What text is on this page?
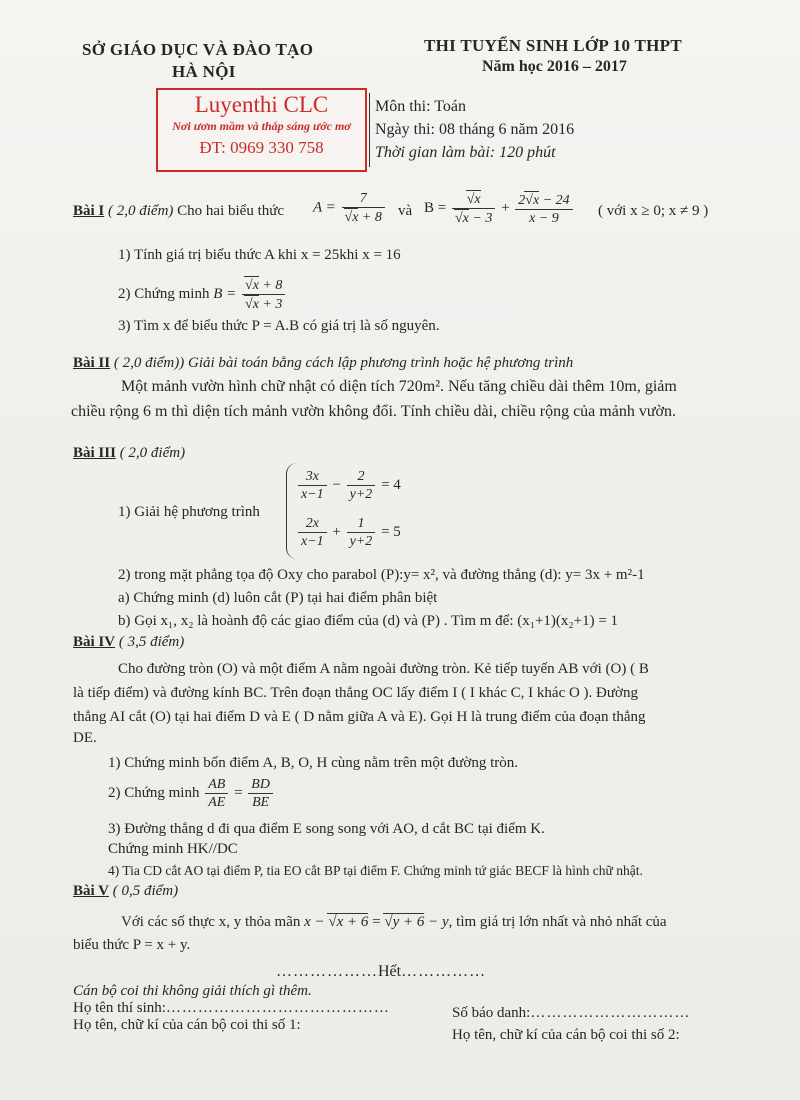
SỞ GIÁO DỤC VÀ ĐÀO TẠO
HÀ NỘI
THI TUYỂN SINH LỚP 10 THPT
Năm học 2016 – 2017
Luyenthi CLC
Nơi ươm mầm và thắp sáng ước mơ
ĐT: 0969 330 758
Môn thi: Toán
Ngày thi: 08 tháng 6 năm 2016
Thời gian làm bài: 120 phút
Bài I ( 2,0 điểm) Cho hai biểu thức A = 7
√ x + 8 và B = √ x
√ $x - 3 + \frac{2 √ x - 24}{x - 9}$ ( với x ≥ 0; x ≠ 9 )
1) Tính giá trị biểu thức A khi x = 25khi x = 16
2) Chứng minh B = √ x + 8
√ x + 3
3) Tìm x để biểu thức P = A.B có giá trị là số nguyên.
Bài II ( 2,0 điểm)) Giải bài toán bằng cách lập phương trình hoặc hệ phương trình
Một mảnh vườn hình chữ nhật có diện tích 720m². Nếu tăng chiều dài thêm 10m, giảm
chiều rộng 6 m thì diện tích mảnh vườn không đổi. Tính chiều dài, chiều rộng của mảnh vườn.
Bài III ( 2,0 điểm)
1) Giải hệ phương trình
$\frac{3x}{x-1} - \frac{2}{y+2} = 4$
$\frac{2x}{x-1} + \frac{1}{y+2} = 5$
2) trong mặt phẳng tọa độ Oxy cho parabol (P):y= x², và đường thẳng (d): y= 3x + m²-1
a) Chứng minh (d) luôn cắt (P) tại hai điểm phân biệt
b) Gọi x₁, x₂ là hoành độ các giao điểm của (d) và (P) . Tìm m để: (x₁+1)(x₂+1) = 1
Bài IV ( 3,5 điểm)
Cho đường tròn (O) và một điểm A nằm ngoài đường tròn. Kẻ tiếp tuyến AB với (O) ( B
là tiếp điểm) và đường kính BC. Trên đoạn thẳng OC lấy điểm I ( I khác C, I khác O ). Đường
thẳng AI cắt (O) tại hai điểm D và E ( D nằm giữa A và E). Gọi H là trung điểm của đoạn thẳng
DE.
1) Chứng minh bốn điểm A, B, O, H cùng nằm trên một đường tròn.
2) Chứng minh $\frac{AB}{AE} = \frac{BD}{BE}$
3) Đường thẳng d đi qua điểm E song song với AO, d cắt BC tại điểm K.
Chứng minh HK//DC
4) Tia CD cắt AO tại điểm P, tia EO cắt BP tại điểm F. Chứng minh tứ giác BECF là hình chữ nhật.
Bài V ( 0,5 điểm)
Với các số thực x, y thỏa mãn x − √ x + 6 = √ y + 6 − y, tìm giá trị lớn nhất và nhỏ nhất của
biểu thức P = x + y.
………………Hết……………
Cán bộ coi thi không giải thích gì thêm.
Họ tên thí sinh:……………………………………	Số báo danh:…………………………
Họ tên, chữ kí của cán bộ coi thi số 1:
Họ tên, chữ kí của cán bộ coi thi số 2:
